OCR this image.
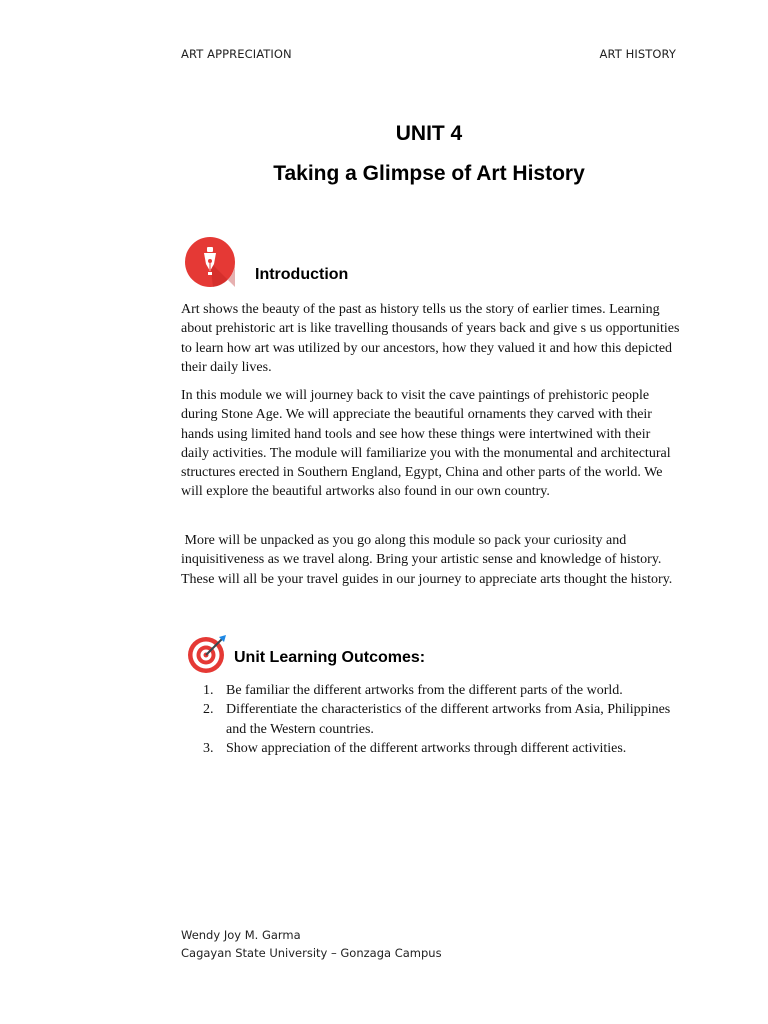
ART APPRECIATION	ART HISTORY
UNIT 4
Taking a Glimpse of Art History
Introduction

Art shows the beauty of the past as history tells us the story of earlier times. Learning about prehistoric art is like travelling thousands of years back and give s us opportunities to learn how art was utilized by our ancestors, how they valued it and how this depicted their daily lives.

In this module we will journey back to visit the cave paintings of prehistoric people during Stone Age. We will appreciate the beautiful ornaments they carved with their hands using limited hand tools and see how these things were intertwined with their daily activities. The module will familiarize you with the monumental and architectural structures erected in Southern England, Egypt, China and other parts of the world. We will explore the beautiful artworks also found in our own country.

More will be unpacked as you go along this module so pack your curiosity and inquisitiveness as we travel along. Bring your artistic sense and knowledge of history. These will all be your travel guides in our journey to appreciate arts thought the history.

Unit Learning Outcomes:
1. Be familiar the different artworks from the different parts of the world.
2. Differentiate the characteristics of the different artworks from Asia, Philippines and the Western countries.
3. Show appreciation of the different artworks through different activities.
Wendy Joy M. Garma
Cagayan State University – Gonzaga Campus
